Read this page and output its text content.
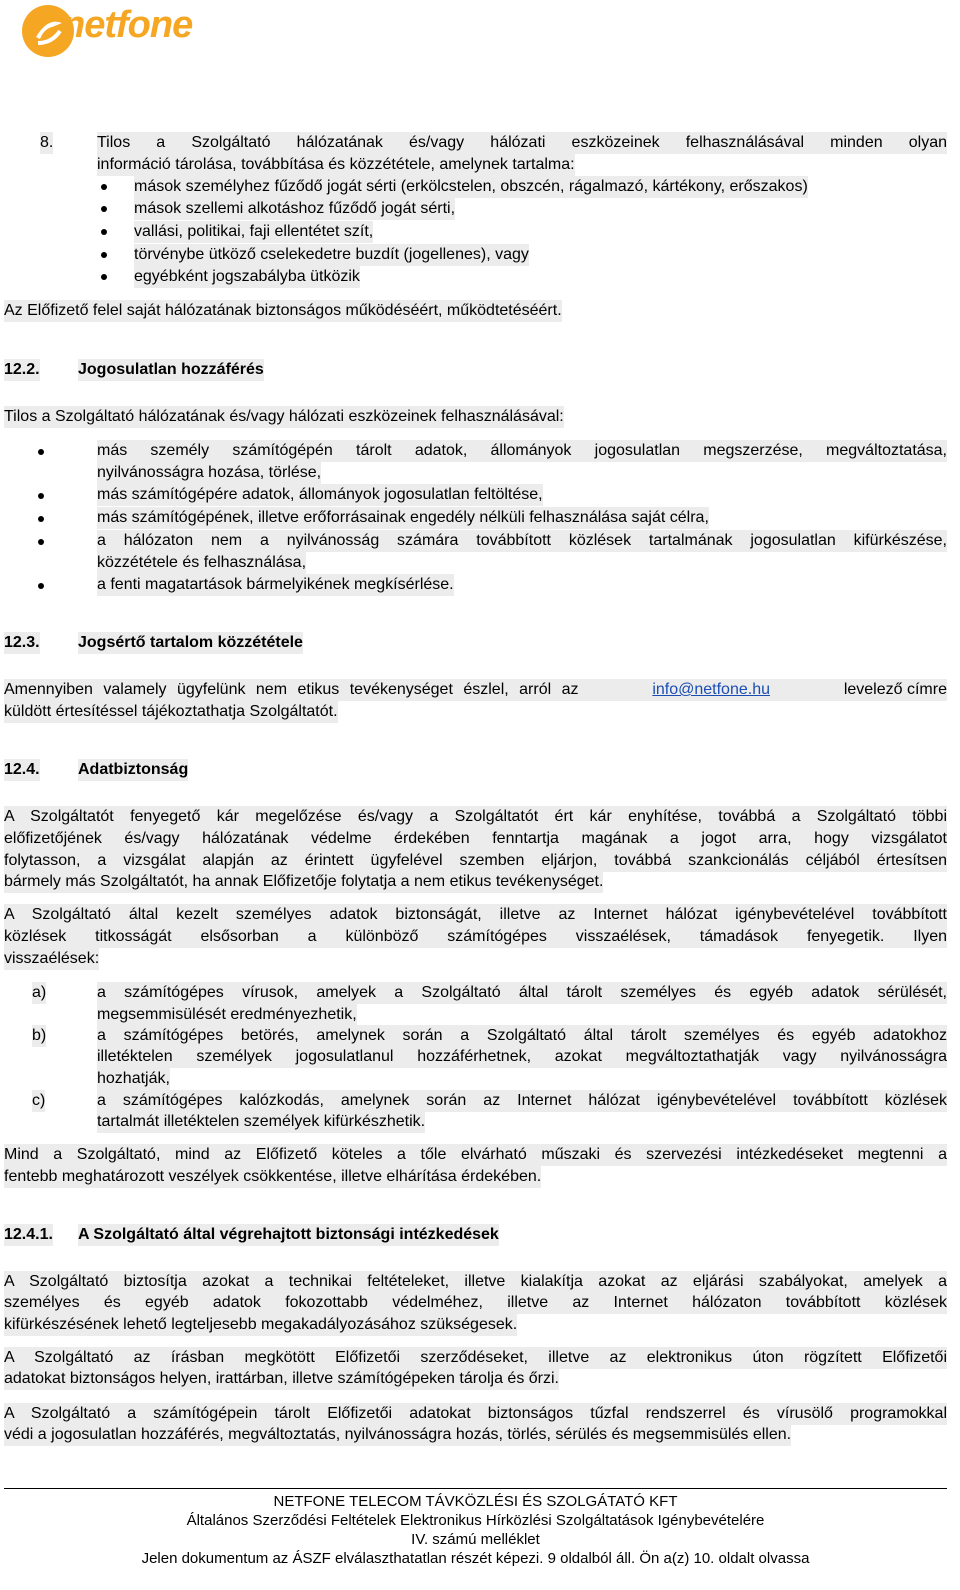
netfone
8.	Tilos a Szolgáltató hálózatának és/vagy hálózati eszközeinek felhasználásával minden olyan
információ tárolása, továbbítása és közzététele, amelynek tartalma:
mások személyhez fűződő jogát sérti (erkölcstelen, obszcén, rágalmazó, kártékony, erőszakos)
mások szellemi alkotáshoz fűződő jogát sérti,
vallási, politikai, faji ellentétet szít,
törvénybe ütköző cselekedetre buzdít (jogellenes), vagy
egyébként jogszabályba ütközik
Az Előfizető felel saját hálózatának biztonságos működéséért, működtetéséért.
12.2. Jogosulatlan hozzáférés
Tilos a Szolgáltató hálózatának és/vagy hálózati eszközeinek felhasználásával:
más személy számítógépén tárolt adatok, állományok jogosulatlan megszerzése, megváltoztatása,
nyilvánosságra hozása, törlése,
más számítógépére adatok, állományok jogosulatlan feltöltése,
más számítógépének, illetve erőforrásainak engedély nélküli felhasználása saját célra,
a hálózaton nem a nyilvánosság számára továbbított közlések tartalmának jogosulatlan kifürkészése,
közzététele és felhasználása,
a fenti magatartások bármelyikének megkísérlése.
12.3. Jogsértő tartalom közzététele
Amennyiben valamely ügyfelünk nem etikus tevékenységet észlel, arról az	info@netfone.hu	levelező címre
küldött értesítéssel tájékoztathatja Szolgáltatót.
12.4. Adatbiztonság
A Szolgáltatót fenyegető kár megelőzése és/vagy a Szolgáltatót ért kár enyhítése, továbbá a Szolgáltató többi
előfizetőjének és/vagy hálózatának védelme érdekében fenntartja magának a jogot arra, hogy vizsgálatot
folytasson, a vizsgálat alapján az érintett ügyfelével szemben eljárjon, továbbá szankcionálás céljából értesítsen
bármely más Szolgáltatót, ha annak Előfizetője folytatja a nem etikus tevékenységet.
A Szolgáltató által kezelt személyes adatok biztonságát, illetve az Internet hálózat igénybevételével továbbított
közlések titkosságát elsősorban a különböző számítógépes visszaélések, támadások fenyegetik. Ilyen
visszaélések:
a)	a számítógépes vírusok, amelyek a Szolgáltató által tárolt személyes és egyéb adatok sérülését,
megsemmisülését eredményezhetik,
b)	a számítógépes betörés, amelynek során a Szolgáltató által tárolt személyes és egyéb adatokhoz
illetéktelen személyek jogosulatlanul hozzáférhetnek, azokat megváltoztathatják vagy nyilvánosságra
hozhatják,
c)	a számítógépes kalózkodás, amelynek során az Internet hálózat igénybevételével továbbított közlések
tartalmát illetéktelen személyek kifürkészhetik.
Mind a Szolgáltató, mind az Előfizető köteles a tőle elvárható műszaki és szervezési intézkedéseket megtenni a
fentebb meghatározott veszélyek csökkentése, illetve elhárítása érdekében.
12.4.1. A Szolgáltató által végrehajtott biztonsági intézkedések
A Szolgáltató biztosítja azokat a technikai feltételeket, illetve kialakítja azokat az eljárási szabályokat, amelyek a
személyes és egyéb adatok fokozottabb védelméhez, illetve az Internet hálózaton továbbított közlések
kifürkészésének lehető legteljesebb megakadályozásához szükségesek.
A Szolgáltató az írásban megkötött Előfizetői szerződéseket, illetve az elektronikus úton rögzített Előfizetői
adatokat biztonságos helyen, irattárban, illetve számítógépeken tárolja és őrzi.
A Szolgáltató a számítógépein tárolt Előfizetői adatokat biztonságos tűzfal rendszerrel és vírusölő programokkal
védi a jogosulatlan hozzáférés, megváltoztatás, nyilvánosságra hozás, törlés, sérülés és megsemmisülés ellen.
NETFONE TELECOM TÁVKÖZLÉSI ÉS SZOLGÁTATÓ KFT
Általános Szerződési Feltételek Elektronikus Hírközlési Szolgáltatások Igénybevételére
IV. számú melléklet
Jelen dokumentum az ÁSZF elválaszthatatlan részét képezi. 9 oldalból áll. Ön a(z) 10. oldalt olvassa
